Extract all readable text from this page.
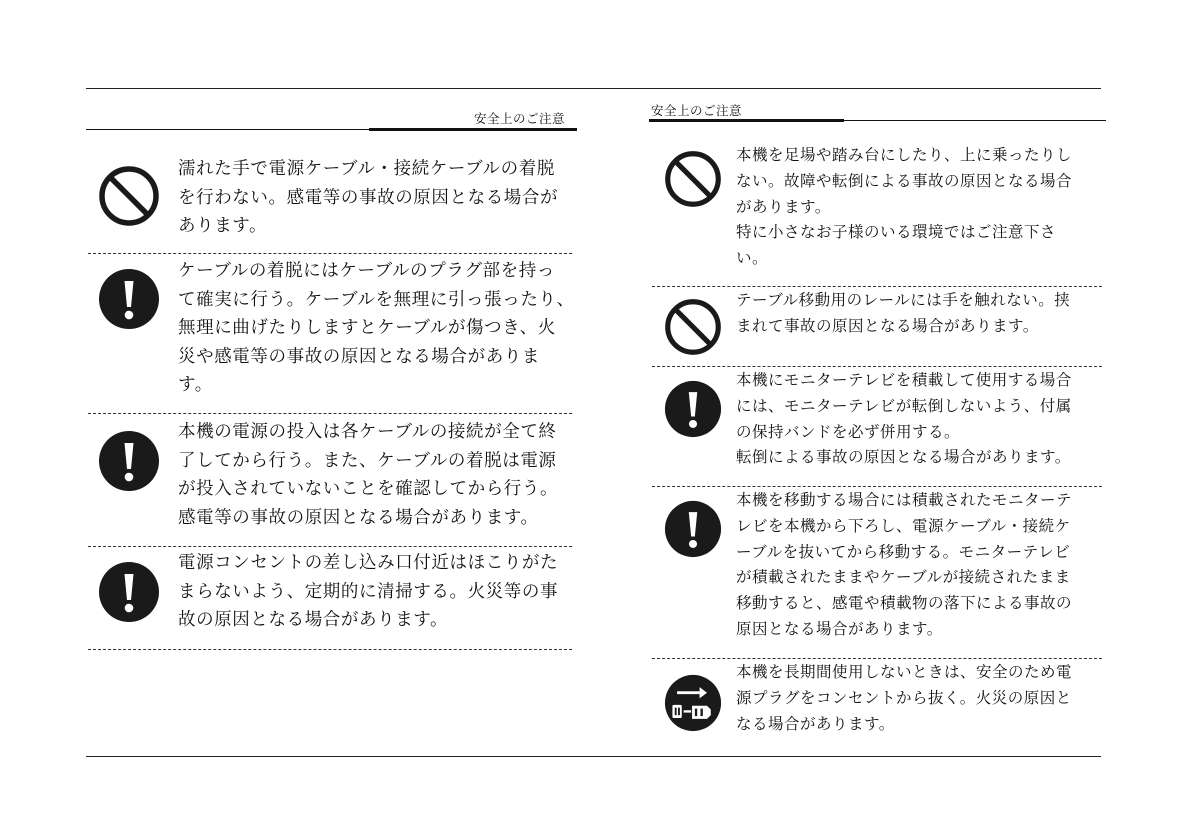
安全上のご注意

濡れた手で電源ケーブル・接続ケーブルの着脱
を行わない。感電等の事故の原因となる場合が
あります。

ケーブルの着脱にはケーブルのプラグ部を持っ
て確実に行う。ケーブルを無理に引っ張ったり、
無理に曲げたりしますとケーブルが傷つき、火
災や感電等の事故の原因となる場合がありま
す。

本機の電源の投入は各ケーブルの接続が全て終
了してから行う。また、ケーブルの着脱は電源
が投入されていないことを確認してから行う。
感電等の事故の原因となる場合があります。

電源コンセントの差し込み口付近はほこりがた
まらないよう、定期的に清掃する。火災等の事
故の原因となる場合があります。

安全上のご注意

本機を足場や踏み台にしたり、上に乗ったりし
ない。故障や転倒による事故の原因となる場合
があります。
特に小さなお子様のいる環境ではご注意下さ
い。

テーブル移動用のレールには手を触れない。挟
まれて事故の原因となる場合があります。

本機にモニターテレビを積載して使用する場合
には、モニターテレビが転倒しないよう、付属
の保持バンドを必ず併用する。
転倒による事故の原因となる場合があります。

本機を移動する場合には積載されたモニターテ
レビを本機から下ろし、電源ケーブル・接続ケ
ーブルを抜いてから移動する。モニターテレビ
が積載されたままやケーブルが接続されたまま
移動すると、感電や積載物の落下による事故の
原因となる場合があります。

本機を長期間使用しないときは、安全のため電
源プラグをコンセントから抜く。火災の原因と
なる場合があります。
